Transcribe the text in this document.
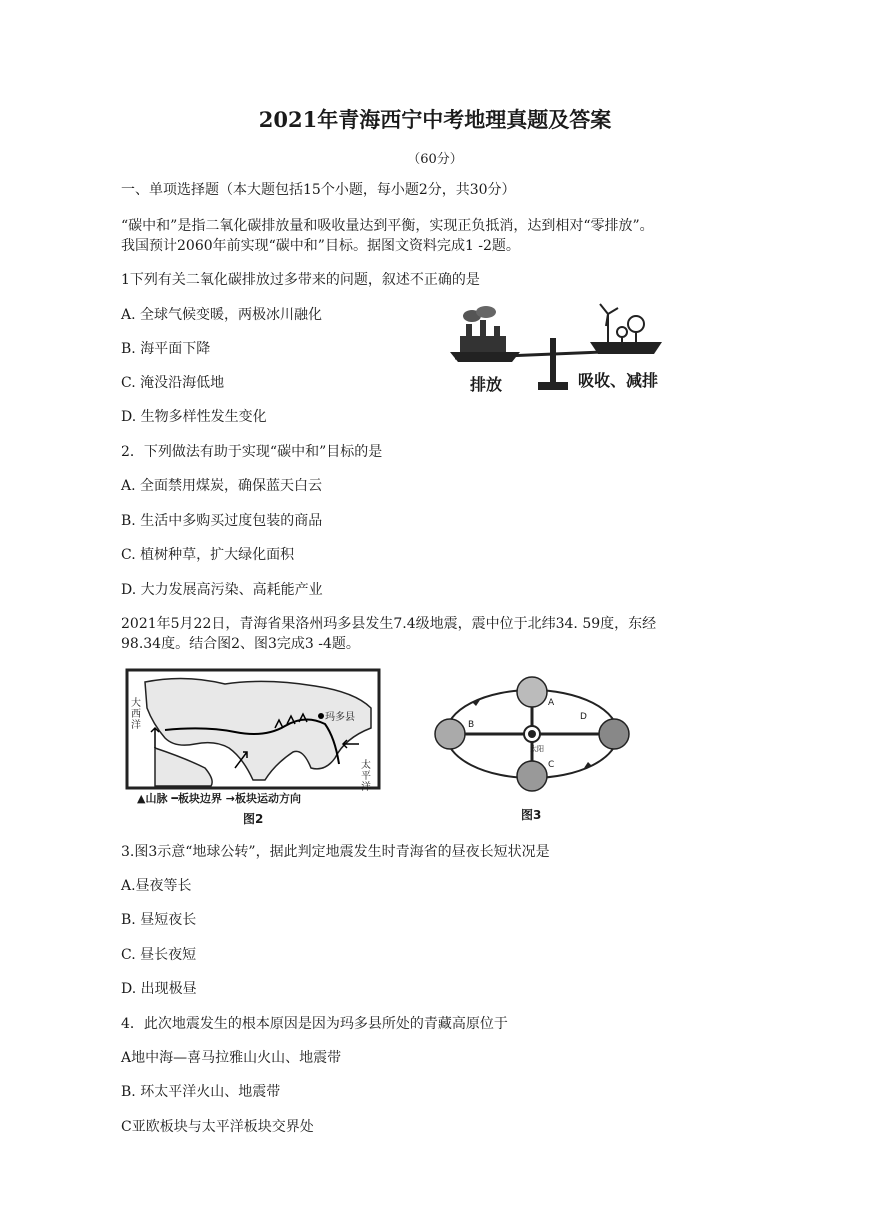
2021年青海西宁中考地理真题及答案
（60分）
一、单项选择题（本大题包括15个小题，每小题2分，共30分）
“碳中和”是指二氧化碳排放量和吸收量达到平衡，实现正负抵消，达到相对“零排放”。
我国预计2060年前实现“碳中和”目标。据图文资料完成1 -2题。
1下列有关二氧化碳排放过多带来的问题，叙述不正确的是
A. 全球气候变暖，两极冰川融化
B. 海平面下降
C. 淹没沿海低地
D. 生物多样性发生变化
排放	吸收、减排
2．下列做法有助于实现“碳中和”目标的是
A. 全面禁用煤炭，确保蓝天白云
B. 生活中多购买过度包装的商品
C. 植树种草，扩大绿化面积
D. 大力发展高污染、高耗能产业
2021年5月22日，青海省果洛州玛多县发生7.4级地震，震中位于北纬34. 59度，东经
98.34度。结合图2、图3完成3 -4题。
玛多县
大西洋
太平洋
▲山脉 ━板块边界 →板块运动方向
图2
A
B
C
D
太阳
图3
3.图3示意“地球公转”，据此判定地震发生时青海省的昼夜长短状况是
A.昼夜等长
B. 昼短夜长
C. 昼长夜短
D. 出现极昼
4．此次地震发生的根本原因是因为玛多县所处的青藏高原位于
A地中海—喜马拉雅山火山、地震带
B. 环太平洋火山、地震带
C亚欧板块与太平洋板块交界处
